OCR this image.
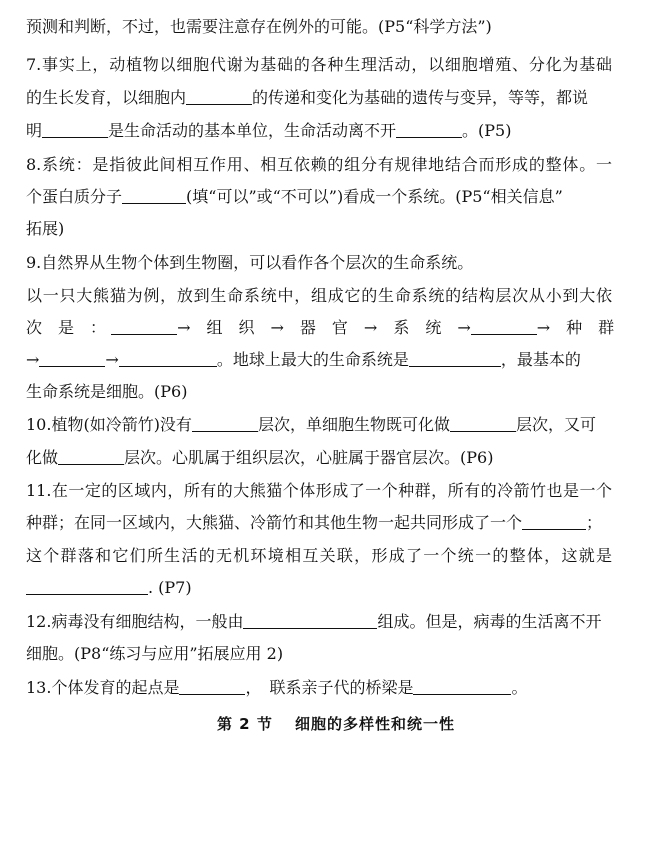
预测和判断，不过，也需要注意存在例外的可能。(P5“科学方法”)
7.事实上，动植物以细胞代谢为基础的各种生理活动，以细胞增殖、分化为基础
的生长发育，以细胞内	的传递和变化为基础的遗传与变异，等等，都说
明	是生命活动的基本单位，生命活动离不开	。(P5)
8.系统：是指彼此间相互作用、相互依赖的组分有规律地结合而形成的整体。一
个蛋白质分子	(填“可以”或“不可以”)看成一个系统。(P5“相关信息”
拓展)
9.自然界从生物个体到生物圈，可以看作各个层次的生命系统。
以一只大熊猫为例，放到生命系统中，组成它的生命系统的结构层次从小到大依
次　是　：	→　组　织　→　器　官　→　系　统　→	→　种　群
→	→	。地球上最大的生命系统是	，最基本的
生命系统是细胞。(P6)
10.植物(如冷箭竹)没有	层次，单细胞生物既可化做	层次，又可
化做	层次。心肌属于组织层次，心脏属于器官层次。(P6)
11.在一定的区域内，所有的大熊猫个体形成了一个种群，所有的冷箭竹也是一个
种群；在同一区域内，大熊猫、冷箭竹和其他生物一起共同形成了一个	；
这个群落和它们所生活的无机环境相互关联，形成了一个统一的整体，这就是
. (P7)
12.病毒没有细胞结构，一般由	组成。但是，病毒的生活离不开
细胞。(P8“练习与应用”拓展应用 2)
13.个体发育的起点是	，　联系亲子代的桥梁是	。
第 2 节　 细胞的多样性和统一性
